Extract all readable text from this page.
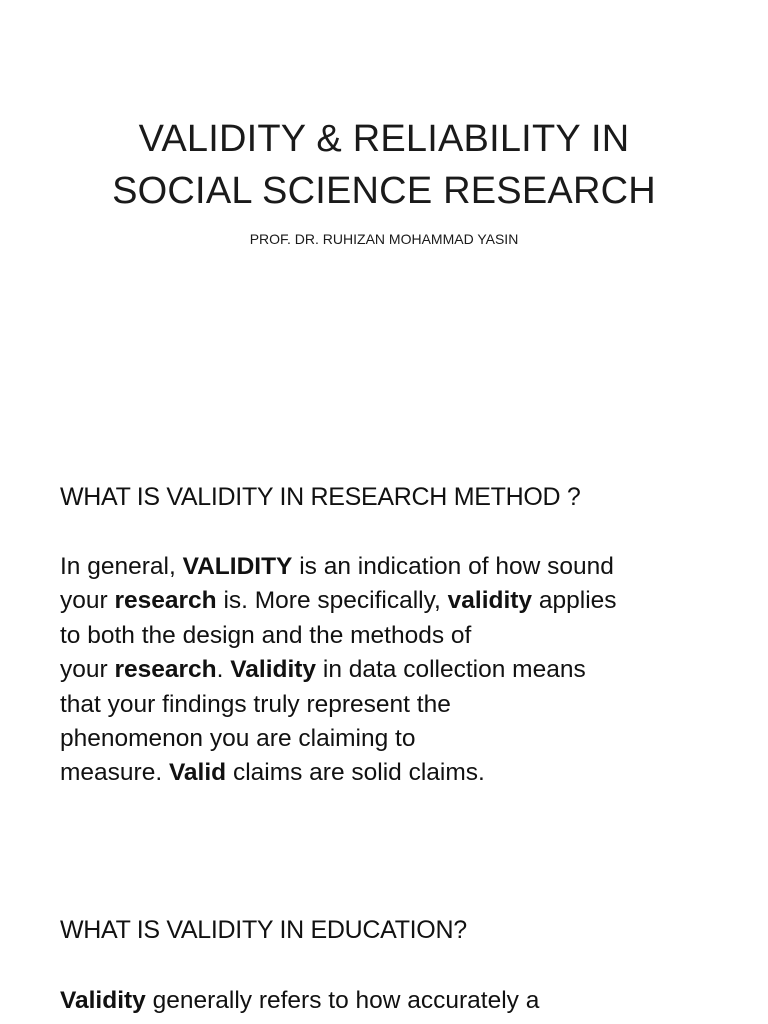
VALIDITY & RELIABILITY IN
SOCIAL SCIENCE RESEARCH

PROF. DR. RUHIZAN MOHAMMAD YASIN

WHAT IS VALIDITY IN RESEARCH METHOD ?

In general, VALIDITY is an indication of how sound
your research is. More specifically, validity applies
to both the design and the methods of
your research. Validity in data collection means
that your findings truly represent the
phenomenon you are claiming to
measure. Valid claims are solid claims.

WHAT IS VALIDITY IN EDUCATION?

Validity generally refers to how accurately a
